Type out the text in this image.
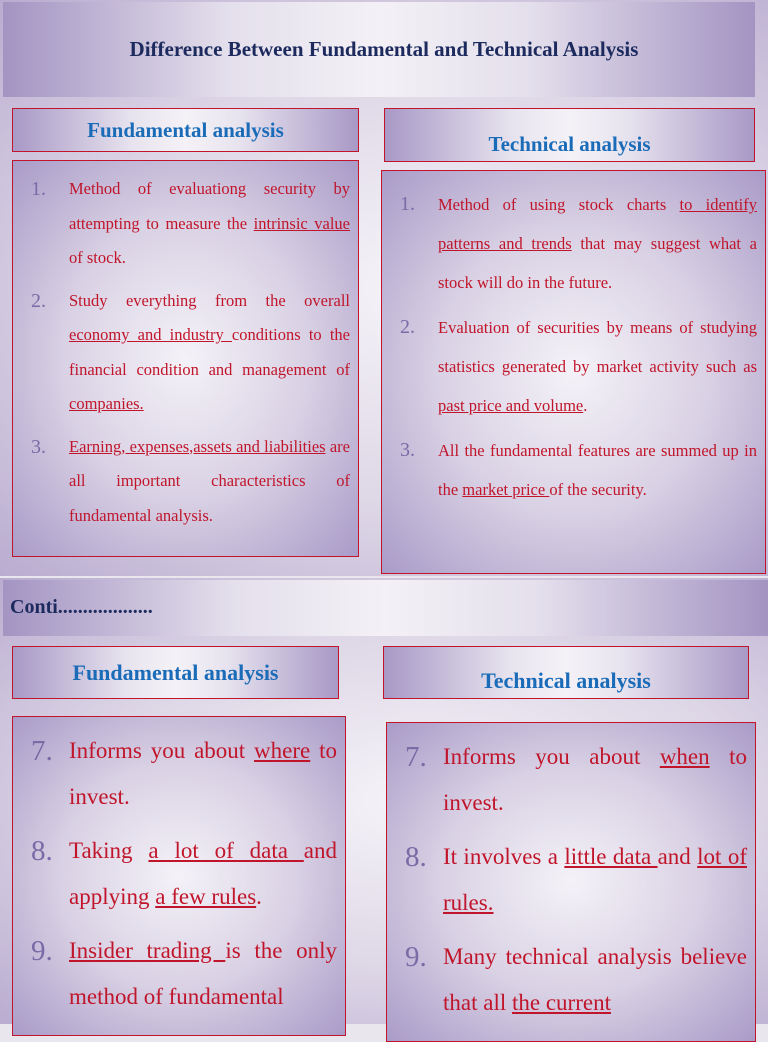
Difference Between Fundamental and Technical Analysis
Fundamental analysis
Technical analysis
1. Method of evaluationg security by attempting to measure the intrinsic value of stock.
2. Study everything from the overall economy and industry conditions to the financial condition and management of companies.
3. Earning, expenses,assets and liabilities are all important characteristics of fundamental analysis.
1. Method of using stock charts to identify patterns and trends that may suggest what a stock will do in the future.
2. Evaluation of securities by means of studying statistics generated by market activity such as past price and volume.
3. All the fundamental features are summed up in the market price of the security.
Conti...................
Fundamental analysis	Technical analysis
7. Informs you about where to invest.
8. Taking a lot of data and applying a few rules.
9. Insider trading is the only method of fundamental
7. Informs you about when to invest.
8. It involves a little data and lot of rules.
9. Many technical analysis believe that all the current
